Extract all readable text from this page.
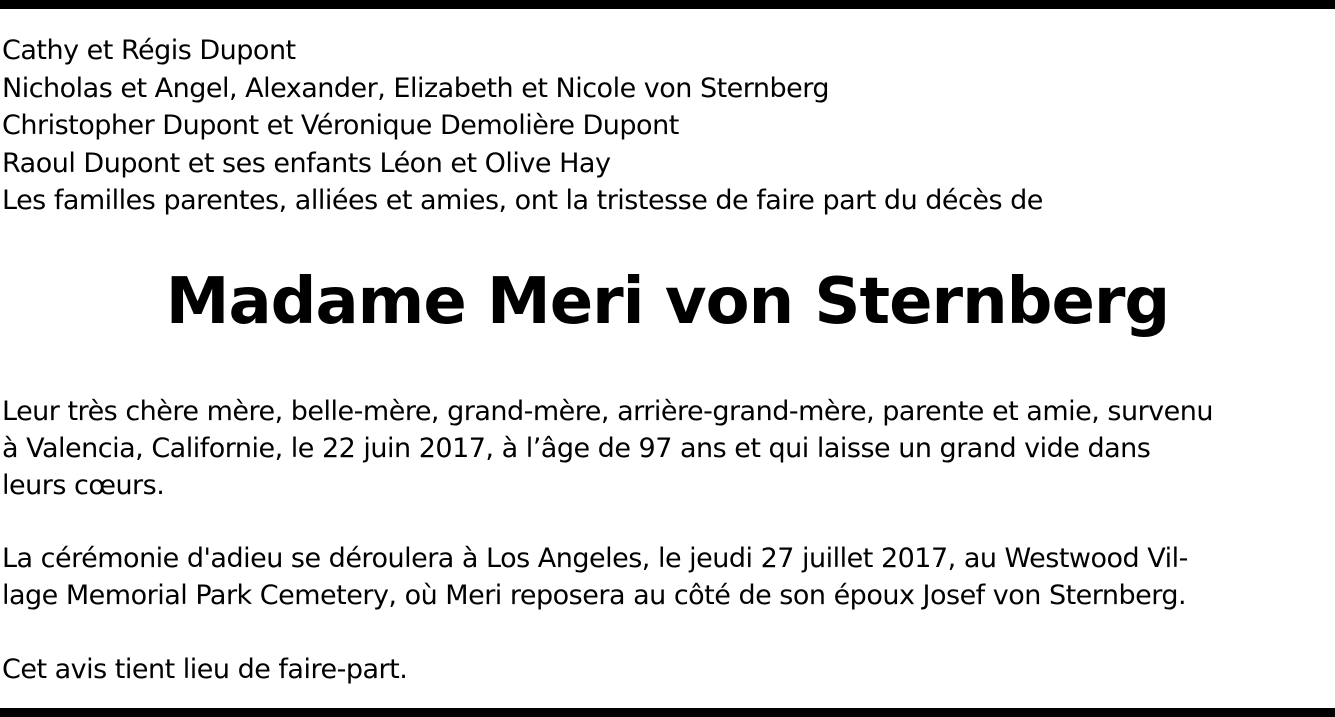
Cathy et Régis Dupont
Nicholas et Angel, Alexander, Elizabeth et Nicole von Sternberg
Christopher Dupont et Véronique Demolière Dupont
Raoul Dupont et ses enfants Léon et Olive Hay
Les familles parentes, alliées et amies, ont la tristesse de faire part du décès de
Madame Meri von Sternberg
Leur très chère mère, belle-mère, grand-mère, arrière-grand-mère, parente et amie, survenu
à Valencia, Californie, le 22 juin 2017, à l’âge de 97 ans et qui laisse un grand vide dans
leurs cœurs.
La cérémonie d'adieu se déroulera à Los Angeles, le jeudi 27 juillet 2017, au Westwood Vil-
lage Memorial Park Cemetery, où Meri reposera au côté de son époux Josef von Sternberg.
Cet avis tient lieu de faire-part.
